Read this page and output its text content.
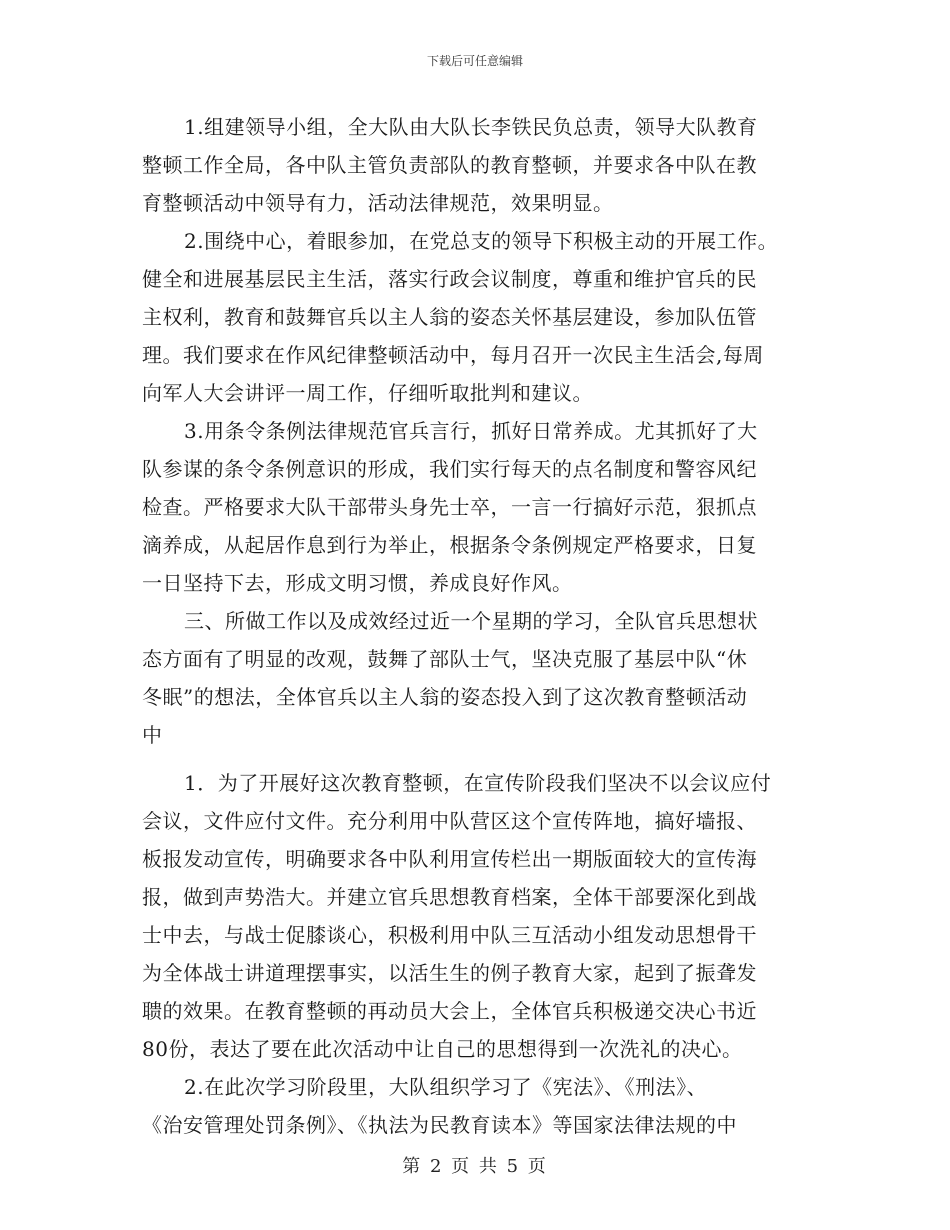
下载后可任意编辑
1.组建领导小组，全大队由大队长李铁民负总责，领导大队教育
整顿工作全局，各中队主管负责部队的教育整顿，并要求各中队在教
育整顿活动中领导有力，活动法律规范，效果明显。
2.围绕中心，着眼参加，在党总支的领导下积极主动的开展工作。
健全和进展基层民主生活，落实行政会议制度，尊重和维护官兵的民
主权利，教育和鼓舞官兵以主人翁的姿态关怀基层建设，参加队伍管
理。我们要求在作风纪律整顿活动中，每月召开一次民主生活会,每周
向军人大会讲评一周工作，仔细听取批判和建议。
3.用条令条例法律规范官兵言行，抓好日常养成。尤其抓好了大
队参谋的条令条例意识的形成，我们实行每天的点名制度和警容风纪
检查。严格要求大队干部带头身先士卒，一言一行搞好示范，狠抓点
滴养成，从起居作息到行为举止，根据条令条例规定严格要求，日复
一日坚持下去，形成文明习惯，养成良好作风。
三、所做工作以及成效经过近一个星期的学习，全队官兵思想状
态方面有了明显的改观，鼓舞了部队士气，坚决克服了基层中队“休
冬眠”的想法，全体官兵以主人翁的姿态投入到了这次教育整顿活动
中
1．为了开展好这次教育整顿，在宣传阶段我们坚决不以会议应付
会议，文件应付文件。充分利用中队营区这个宣传阵地，搞好墙报、
板报发动宣传，明确要求各中队利用宣传栏出一期版面较大的宣传海
报，做到声势浩大。并建立官兵思想教育档案，全体干部要深化到战
士中去，与战士促膝谈心，积极利用中队三互活动小组发动思想骨干
为全体战士讲道理摆事实，以活生生的例子教育大家，起到了振聋发
聩的效果。在教育整顿的再动员大会上，全体官兵积极递交决心书近
80份，表达了要在此次活动中让自己的思想得到一次洗礼的决心。
2.在此次学习阶段里，大队组织学习了《宪法》、《刑法》、
《治安管理处罚条例》、《执法为民教育读本》等国家法律法规的中
第 2 页 共 5 页
